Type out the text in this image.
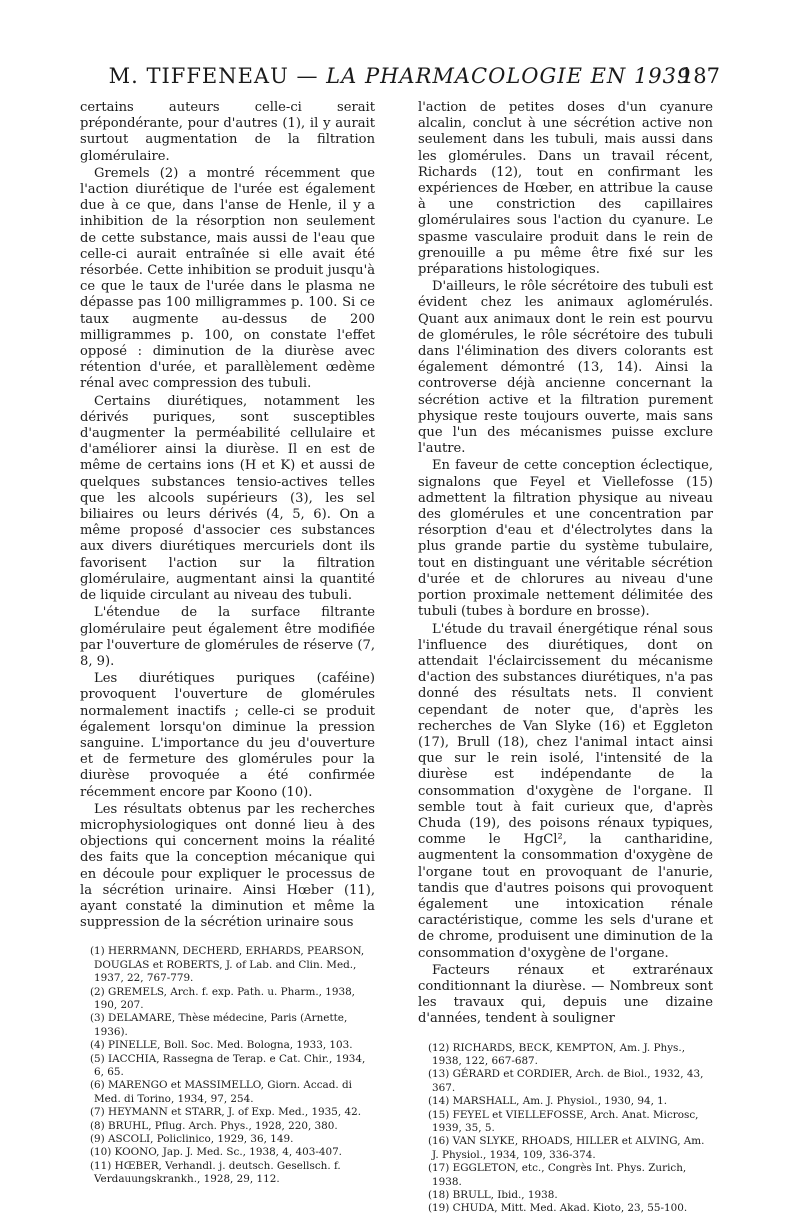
M. TIFFENEAU — LA PHARMACOLOGIE EN 1939
187

certains auteurs celle-ci serait prépondérante, pour d'autres (1), il y aurait surtout augmentation de la filtration glomérulaire.

Gremels (2) a montré récemment que l'action diurétique de l'urée est également due à ce que, dans l'anse de Henle, il y a inhibition de la résorption non seulement de cette substance, mais aussi de l'eau que celle-ci aurait entraînée si elle avait été résorbée. Cette inhibition se produit jusqu'à ce que le taux de l'urée dans le plasma ne dépasse pas 100 milligrammes p. 100. Si ce taux augmente au-dessus de 200 milligrammes p. 100, on constate l'effet opposé : diminution de la diurèse avec rétention d'urée, et parallèlement œdème rénal avec compression des tubuli.

Certains diurétiques, notamment les dérivés puriques, sont susceptibles d'augmenter la perméabilité cellulaire et d'améliorer ainsi la diurèse. Il en est de même de certains ions (H et K) et aussi de quelques substances tensio-actives telles que les alcools supérieurs (3), les sel biliaires ou leurs dérivés (4, 5, 6). On a même proposé d'associer ces substances aux divers diurétiques mercuriels dont ils favorisent l'action sur la filtration glomérulaire, augmentant ainsi la quantité de liquide circulant au niveau des tubuli.

L'étendue de la surface filtrante glomérulaire peut également être modifiée par l'ouverture de glomérules de réserve (7, 8, 9).

Les diurétiques puriques (caféine) provoquent l'ouverture de glomérules normalement inactifs ; celle-ci se produit également lorsqu'on diminue la pression sanguine. L'importance du jeu d'ouverture et de fermeture des glomérules pour la diurèse provoquée a été confirmée récemment encore par Koono (10).

Les résultats obtenus par les recherches microphysiologiques ont donné lieu à des objections qui concernent moins la réalité des faits que la conception mécanique qui en découle pour expliquer le processus de la sécrétion urinaire. Ainsi Hœber (11), ayant constaté la diminution et même la suppression de la sécrétion urinaire sous

(1) HERRMANN, DECHERD, ERHARDS, PEARSON, DOUGLAS et ROBERTS, J. of Lab. and Clin. Med., 1937, 22, 767-779.

(2) GREMELS, Arch. f. exp. Path. u. Pharm., 1938, 190, 207.

(3) DELAMARE, Thèse médecine, Paris (Arnette, 1936).

(4) PINELLE, Boll. Soc. Med. Bologna, 1933, 103.

(5) IACCHIA, Rassegna de Terap. e Cat. Chir., 1934, 6, 65.

(6) MARENGO et MASSIMELLO, Giorn. Accad. di Med. di Torino, 1934, 97, 254.

(7) HEYMANN et STARR, J. of Exp. Med., 1935, 42.

(8) BRUHL, Pflug. Arch. Phys., 1928, 220, 380.

(9) ASCOLI, Policlinico, 1929, 36, 149.

(10) KOONO, Jap. J. Med. Sc., 1938, 4, 403-407.

(11) HŒBER, Verhandl. j. deutsch. Gesellsch. f. Verdauungskrankh., 1928, 29, 112.

l'action de petites doses d'un cyanure alcalin, conclut à une sécrétion active non seulement dans les tubuli, mais aussi dans les glomérules. Dans un travail récent, Richards (12), tout en confirmant les expériences de Hœber, en attribue la cause à une constriction des capillaires glomérulaires sous l'action du cyanure. Le spasme vasculaire produit dans le rein de grenouille a pu même être fixé sur les préparations histologiques.

D'ailleurs, le rôle sécrétoire des tubuli est évident chez les animaux aglomérulés. Quant aux animaux dont le rein est pourvu de glomérules, le rôle sécrétoire des tubuli dans l'élimination des divers colorants est également démontré (13, 14). Ainsi la controverse déjà ancienne concernant la sécrétion active et la filtration purement physique reste toujours ouverte, mais sans que l'un des mécanismes puisse exclure l'autre.

En faveur de cette conception éclectique, signalons que Feyel et Viellefosse (15) admettent la filtration physique au niveau des glomérules et une concentration par résorption d'eau et d'électrolytes dans la plus grande partie du système tubulaire, tout en distinguant une véritable sécrétion d'urée et de chlorures au niveau d'une portion proximale nettement délimitée des tubuli (tubes à bordure en brosse).

L'étude du travail énergétique rénal sous l'influence des diurétiques, dont on attendait l'éclaircissement du mécanisme d'action des substances diurétiques, n'a pas donné des résultats nets. Il convient cependant de noter que, d'après les recherches de Van Slyke (16) et Eggleton (17), Brull (18), chez l'animal intact ainsi que sur le rein isolé, l'intensité de la diurèse est indépendante de la consommation d'oxygène de l'organe. Il semble tout à fait curieux que, d'après Chuda (19), des poisons rénaux typiques, comme le HgCl², la cantharidine, augmentent la consommation d'oxygène de l'organe tout en provoquant de l'anurie, tandis que d'autres poisons qui provoquent également une intoxication rénale caractéristique, comme les sels d'urane et de chrome, produisent une diminution de la consommation d'oxygène de l'organe.

Facteurs rénaux et extrarénaux conditionnant la diurèse. — Nombreux sont les travaux qui, depuis une dizaine d'années, tendent à souligner

(12) RICHARDS, BECK, KEMPTON, Am. J. Phys., 1938, 122, 667-687.

(13) GÉRARD et CORDIER, Arch. de Biol., 1932, 43, 367.

(14) MARSHALL, Am. J. Physiol., 1930, 94, 1.

(15) FEYEL et VIELLEFOSSE, Arch. Anat. Microsc, 1939, 35, 5.

(16) VAN SLYKE, RHOADS, HILLER et ALVING, Am. J. Physiol., 1934, 109, 336-374.

(17) EGGLETON, etc., Congrès Int. Phys. Zurich, 1938.

(18) BRULL, Ibid., 1938.

(19) CHUDA, Mitt. Med. Akad. Kioto, 23, 55-100.
